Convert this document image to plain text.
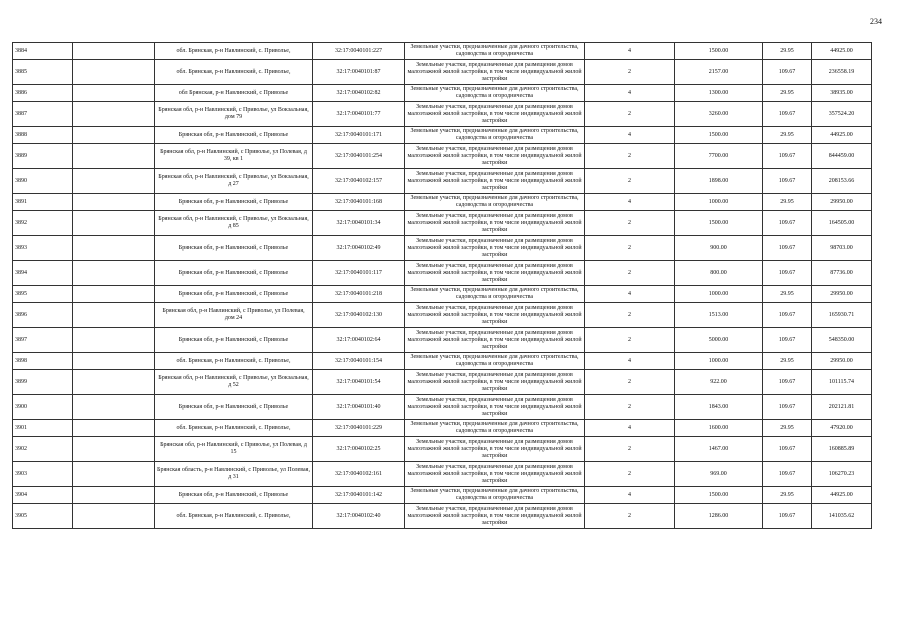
234
3884		обл. Брянская, р-н Навлинский, с. Приволье,	32:17:0040101:227	Земельные участки, предназначенные для дачного строительства, садоводства и огородничества	4	1500.00	29.95	44925.00
3885		обл. Брянская, р-н Навлинский, с. Приволье,	32:17:0040101:87	Земельные участки, предназначенные для размещения домов малоэтажной жилой застройки, в том числе индивидуальной жилой застройки	2	2157.00	109.67	236558.19
3886		обл Брянская, р-н Навлинский, с Приволье	32:17:0040102:82	Земельные участки, предназначенные для дачного строительства, садоводства и огородничества	4	1300.00	29.95	38935.00
3887		Брянская обл, р-н Навлинский, с Приволье, ул Вокзальная, дом 79	32:17:0040101:77	Земельные участки, предназначенные для размещения домов малоэтажной жилой застройки, в том числе индивидуальной жилой застройки	2	3260.00	109.67	357524.20
3888		Брянская обл, р-н Навлинский, с Приволье	32:17:0040101:171	Земельные участки, предназначенные для дачного строительства, садоводства и огородничества	4	1500.00	29.95	44925.00
3889		Брянская обл, р-н Навлинский, с Приволье, ул Полевая, д 39, кв 1	32:17:0040101:254	Земельные участки, предназначенные для размещения домов малоэтажной жилой застройки, в том числе индивидуальной жилой застройки	2	7700.00	109.67	844459.00
3890		Брянская обл, р-н Навлинский, с Приволье, ул Вокзальная, д 27	32:17:0040102:157	Земельные участки, предназначенные для размещения домов малоэтажной жилой застройки, в том числе индивидуальной жилой застройки	2	1898.00	109.67	208153.66
3891		Брянская обл, р-н Навлинский, с Приволье	32:17:0040101:168	Земельные участки, предназначенные для дачного строительства, садоводства и огородничества	4	1000.00	29.95	29950.00
3892		Брянская обл, р-н Навлинский, с Приволье, ул Вокзальная, д 85	32:17:0040101:34	Земельные участки, предназначенные для размещения домов малоэтажной жилой застройки, в том числе индивидуальной жилой застройки	2	1500.00	109.67	164505.00
3893		Брянская обл, р-н Навлинский, с Приволье	32:17:0040102:49	Земельные участки, предназначенные для размещения домов малоэтажной жилой застройки, в том числе индивидуальной жилой застройки	2	900.00	109.67	98703.00
3894		Брянская обл, р-н Навлинский, с Приволье	32:17:0040101:117	Земельные участки, предназначенные для размещения домов малоэтажной жилой застройки, в том числе индивидуальной жилой застройки	2	800.00	109.67	87736.00
3895		Брянская обл, р-н Навлинский, с Приволье	32:17:0040101:218	Земельные участки, предназначенные для дачного строительства, садоводства и огородничества	4	1000.00	29.95	29950.00
3896		Брянская обл, р-н Навлинский, с Приволье, ул Полевая, дом 24	32:17:0040102:130	Земельные участки, предназначенные для размещения домов малоэтажной жилой застройки, в том числе индивидуальной жилой застройки	2	1513.00	109.67	165930.71
3897		Брянская обл, р-н Навлинский, с Приволье	32:17:0040102:64	Земельные участки, предназначенные для размещения домов малоэтажной жилой застройки, в том числе индивидуальной жилой застройки	2	5000.00	109.67	548350.00
3898		обл. Брянская, р-н Навлинский, с. Приволье,	32:17:0040101:154	Земельные участки, предназначенные для дачного строительства, садоводства и огородничества	4	1000.00	29.95	29950.00
3899		Брянская обл, р-н Навлинский, с Приволье, ул Вокзальная, д 52	32:17:0040101:54	Земельные участки, предназначенные для размещения домов малоэтажной жилой застройки, в том числе индивидуальной жилой застройки	2	922.00	109.67	101115.74
3900		Брянская обл, р-н Навлинский, с Приволье	32:17:0040101:40	Земельные участки, предназначенные для размещения домов малоэтажной жилой застройки, в том числе индивидуальной жилой застройки	2	1843.00	109.67	202121.81
3901		обл. Брянская, р-н Навлинский, с. Приволье,	32:17:0040101:229	Земельные участки, предназначенные для дачного строительства, садоводства и огородничества	4	1600.00	29.95	47920.00
3902		Брянская обл, р-н Навлинский, с Приволье, ул Полевая, д 15	32:17:0040102:25	Земельные участки, предназначенные для размещения домов малоэтажной жилой застройки, в том числе индивидуальной жилой застройки	2	1467.00	109.67	160885.89
3903		Брянская область, р-н Навлинский, с Приволье, ул Полевая, д 31	32:17:0040102:161	Земельные участки, предназначенные для размещения домов малоэтажной жилой застройки, в том числе индивидуальной жилой застройки	2	969.00	109.67	106270.23
3904		Брянская обл, р-н Навлинский, с Приволье	32:17:0040101:142	Земельные участки, предназначенные для дачного строительства, садоводства и огородничества	4	1500.00	29.95	44925.00
3905		обл. Брянская, р-н Навлинский, с. Приволье,	32:17:0040102:40	Земельные участки, предназначенные для размещения домов малоэтажной жилой застройки, в том числе индивидуальной жилой застройки	2	1286.00	109.67	141035.62
